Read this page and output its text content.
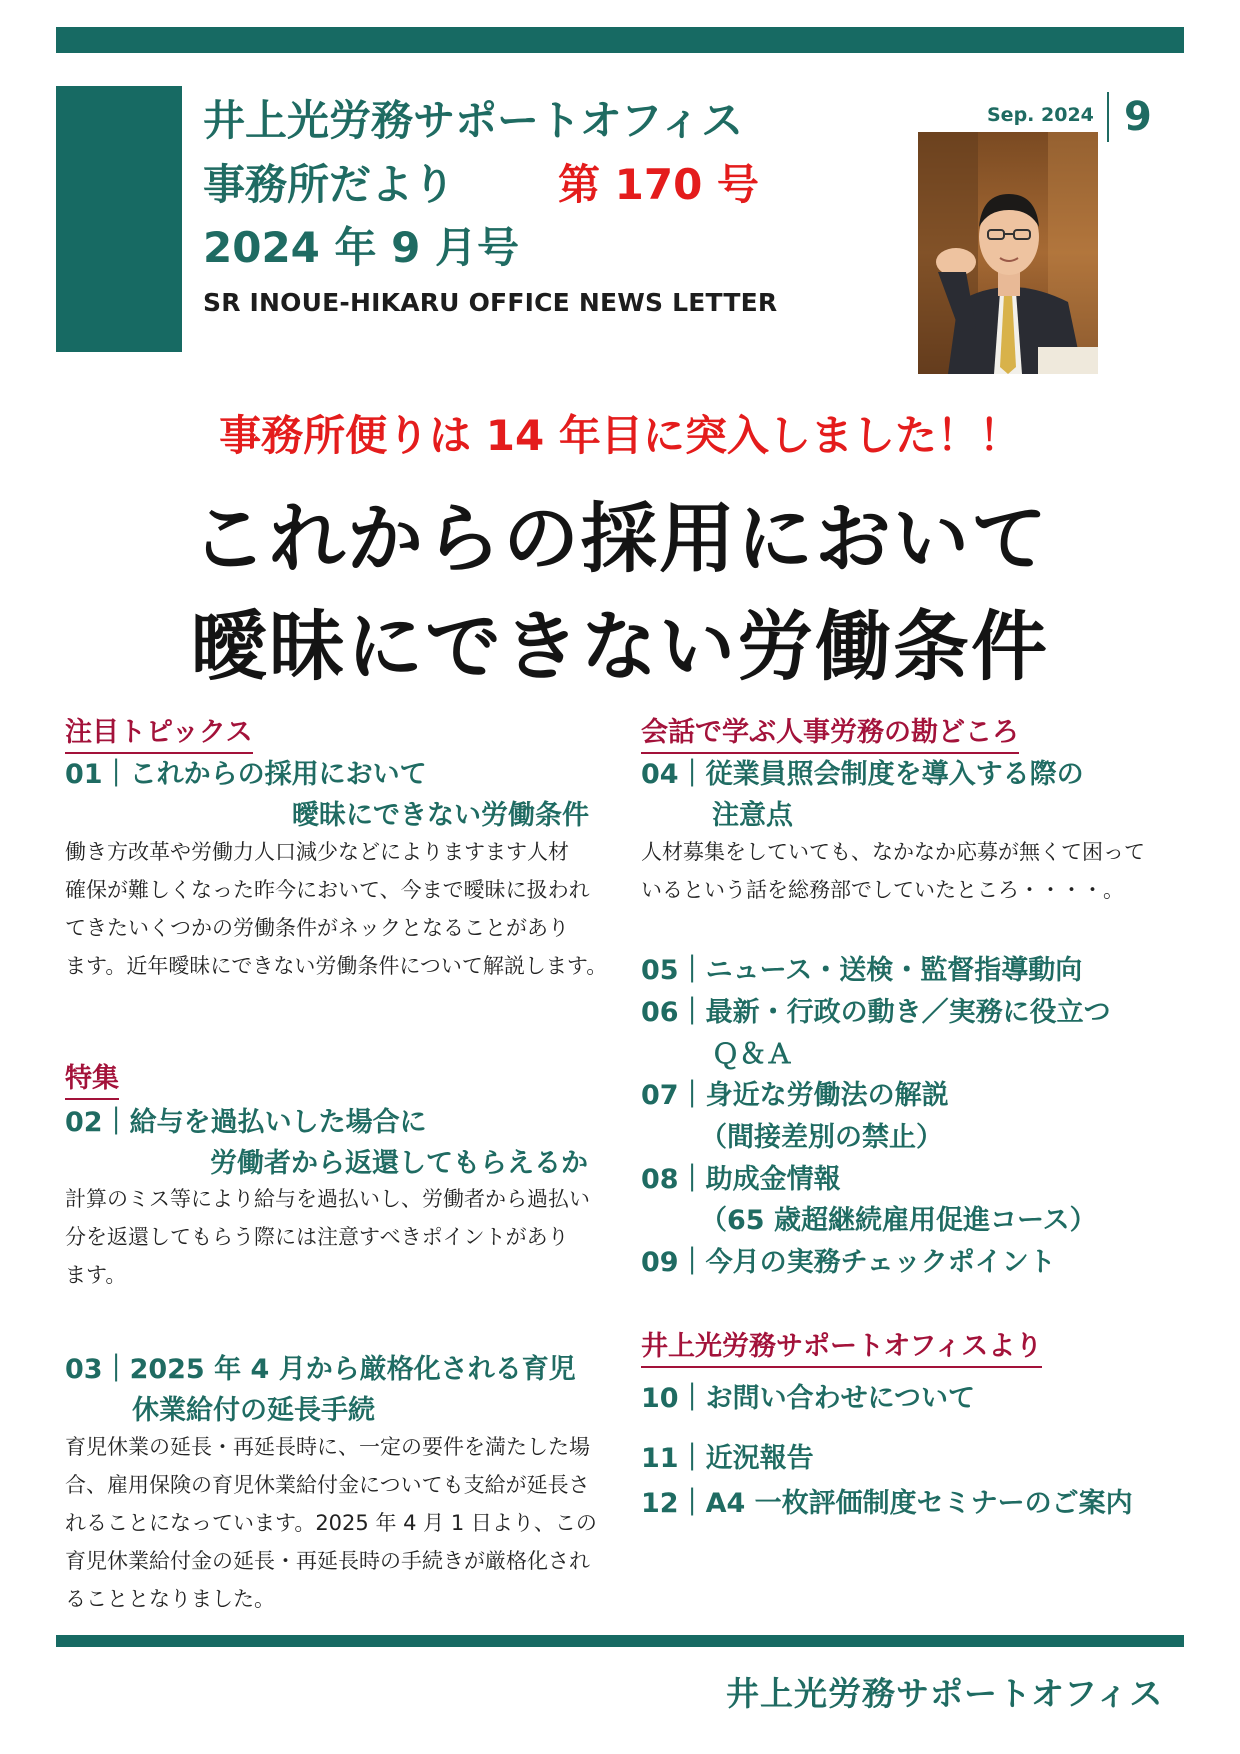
井上光労務サポートオフィス
事務所だより 第 170 号
2024 年 9 月号
SR INOUE-HIKARU OFFICE NEWS LETTER
Sep. 2024 9
事務所便りは 14 年目に突入しました！！
これからの採用において
曖昧にできない労働条件
注目トピックス
01｜これからの採用において
曖昧にできない労働条件
働き方改革や労働力人口減少などによりますます人材
確保が難しくなった昨今において、今まで曖昧に扱われ
てきたいくつかの労働条件がネックとなることがあり
ます。近年曖昧にできない労働条件について解説します。
特集
02｜給与を過払いした場合に
労働者から返還してもらえるか
計算のミス等により給与を過払いし、労働者から過払い
分を返還してもらう際には注意すべきポイントがあり
ます。
03｜2025 年 4 月から厳格化される育児
休業給付の延長手続
育児休業の延長・再延長時に、一定の要件を満たした場
合、雇用保険の育児休業給付金についても支給が延長さ
れることになっています。2025 年 4 月 1 日より、この
育児休業給付金の延長・再延長時の手続きが厳格化され
ることとなりました。
会話で学ぶ人事労務の勘どころ
04｜従業員照会制度を導入する際の
注意点
人材募集をしていても、なかなか応募が無くて困って
いるという話を総務部でしていたところ・・・・。
05｜ニュース・送検・監督指導動向
06｜最新・行政の動き／実務に役立つ
Ｑ＆Ａ
07｜身近な労働法の解説
（間接差別の禁止）
08｜助成金情報
（65 歳超継続雇用促進コース）
09｜今月の実務チェックポイント
井上光労務サポートオフィスより
10｜お問い合わせについて
11｜近況報告
12｜A4 一枚評価制度セミナーのご案内
井上光労務サポートオフィス
